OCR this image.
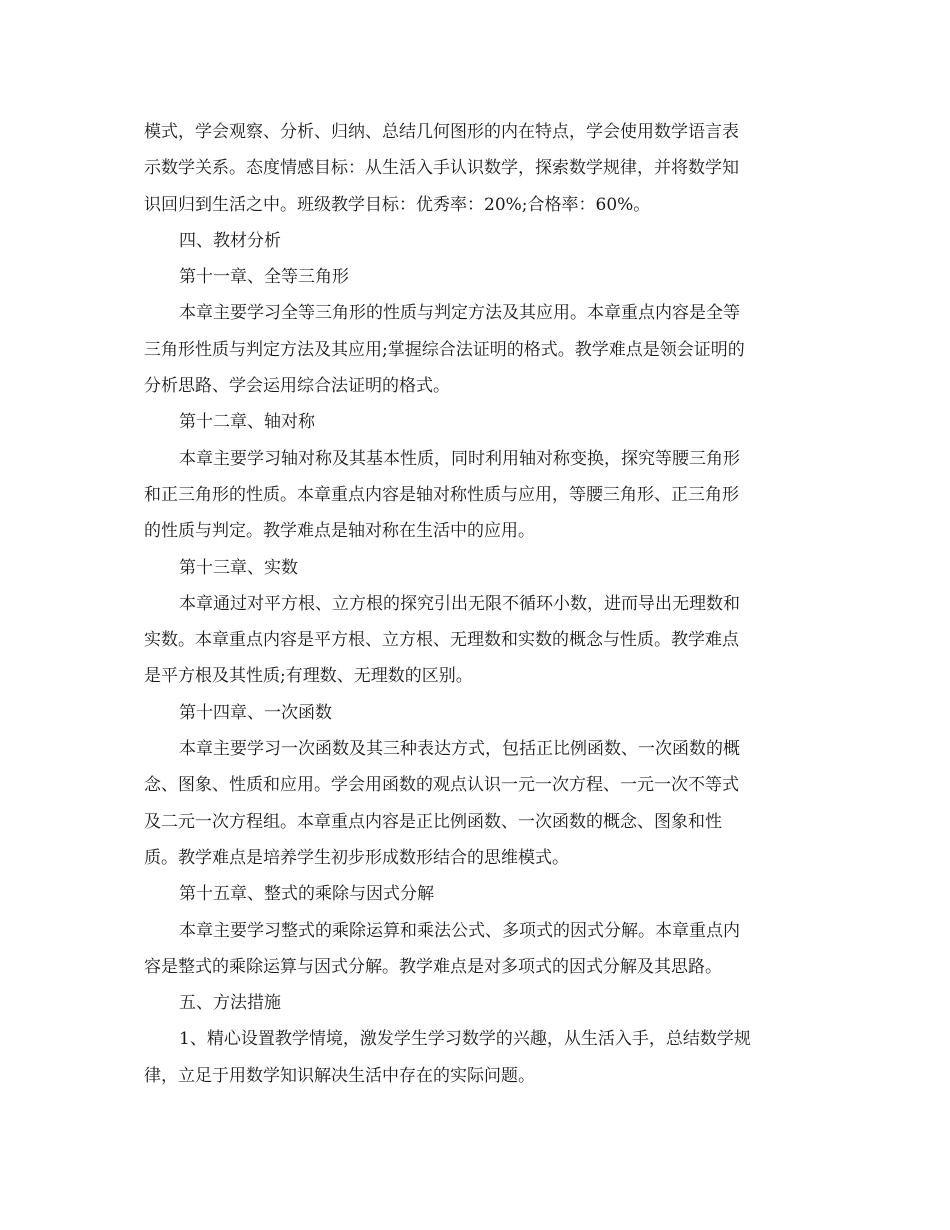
模式，学会观察、分析、归纳、总结几何图形的内在特点，学会使用数学语言表
示数学关系。态度情感目标：从生活入手认识数学，探索数学规律，并将数学知
识回归到生活之中。班级教学目标：优秀率：20%;合格率：60%。
四、教材分析
第十一章、全等三角形
本章主要学习全等三角形的性质与判定方法及其应用。本章重点内容是全等
三角形性质与判定方法及其应用;掌握综合法证明的格式。教学难点是领会证明的
分析思路、学会运用综合法证明的格式。
第十二章、轴对称
本章主要学习轴对称及其基本性质，同时利用轴对称变换，探究等腰三角形
和正三角形的性质。本章重点内容是轴对称性质与应用，等腰三角形、正三角形
的性质与判定。教学难点是轴对称在生活中的应用。
第十三章、实数
本章通过对平方根、立方根的探究引出无限不循环小数，进而导出无理数和
实数。本章重点内容是平方根、立方根、无理数和实数的概念与性质。教学难点
是平方根及其性质;有理数、无理数的区别。
第十四章、一次函数
本章主要学习一次函数及其三种表达方式，包括正比例函数、一次函数的概
念、图象、性质和应用。学会用函数的观点认识一元一次方程、一元一次不等式
及二元一次方程组。本章重点内容是正比例函数、一次函数的概念、图象和性
质。教学难点是培养学生初步形成数形结合的思维模式。
第十五章、整式的乘除与因式分解
本章主要学习整式的乘除运算和乘法公式、多项式的因式分解。本章重点内
容是整式的乘除运算与因式分解。教学难点是对多项式的因式分解及其思路。
五、方法措施
1、精心设置教学情境，激发学生学习数学的兴趣，从生活入手，总结数学规
律，立足于用数学知识解决生活中存在的实际问题。
